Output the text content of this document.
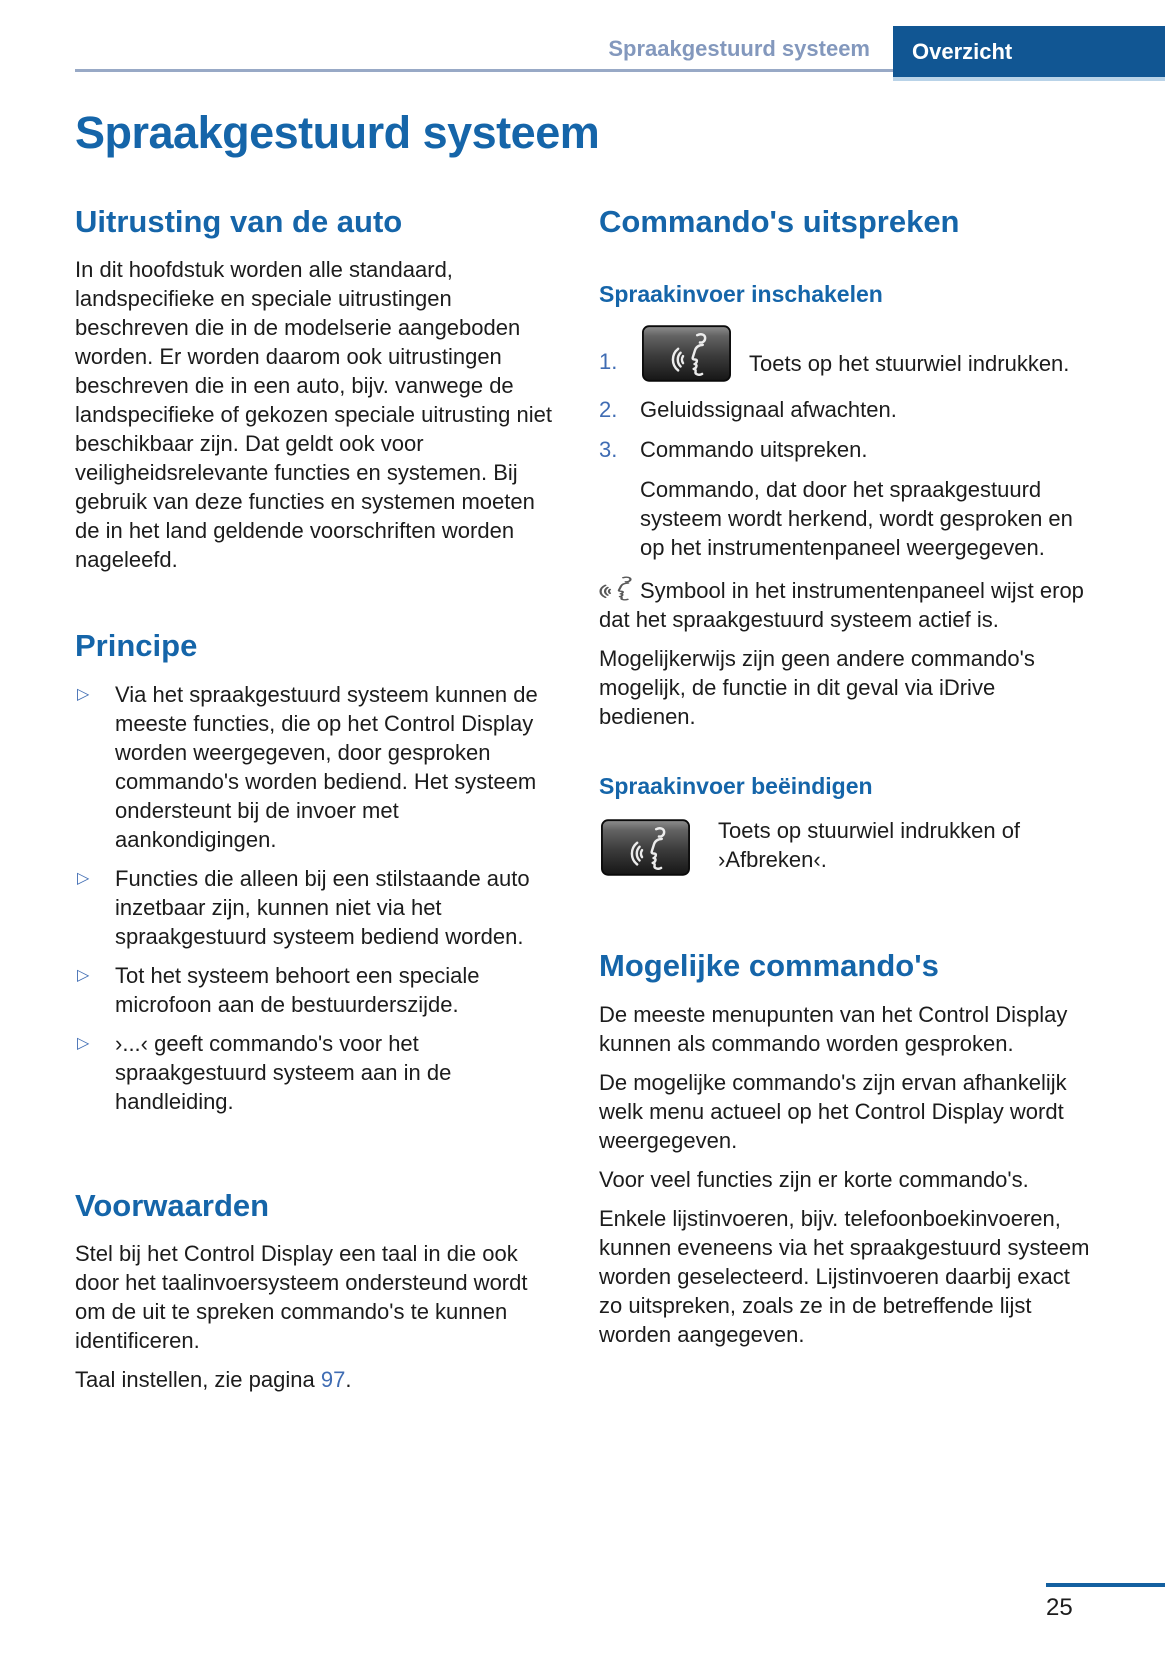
Spraakgestuurd systeem	Overzicht
Spraakgestuurd systeem
Uitrusting van de auto

In dit hoofdstuk worden alle standaard, landspecifieke en speciale uitrustingen beschreven die in de modelserie aangeboden worden. Er worden daarom ook uitrustingen beschreven die in een auto, bijv. vanwege de landspecifieke of gekozen speciale uitrusting niet beschikbaar zijn. Dat geldt ook voor veiligheidsrelevante functies en systemen. Bij gebruik van deze functies en systemen moeten de in het land geldende voorschriften worden nageleefd.

Principe
▷	Via het spraakgestuurd systeem kunnen de meeste functies, die op het Control Display worden weergegeven, door gesproken commando's worden bediend. Het systeem ondersteunt bij de invoer met aankondigingen.

▷	Functies die alleen bij een stilstaande auto inzetbaar zijn, kunnen niet via het spraakgestuurd systeem bediend worden.

▷	Tot het systeem behoort een speciale microfoon aan de bestuurderszijde.

▷	›...‹ geeft commando's voor het spraakgestuurd systeem aan in de handleiding.

Voorwaarden

Stel bij het Control Display een taal in die ook door het taalinvoersysteem ondersteund wordt om de uit te spreken commando's te kunnen identificeren.

Taal instellen, zie pagina 97.

Commando's uitspreken
Spraakinvoer inschakelen
1.	Toets op het stuurwiel indrukken.
2.	Geluidssignaal afwachten.
3.	Commando uitspreken.

Commando, dat door het spraakgestuurd systeem wordt herkend, wordt gesproken en op het instrumentenpaneel weergegeven.

Symbool in het instrumentenpaneel wijst erop dat het spraakgestuurd systeem actief is.

Mogelijkerwijs zijn geen andere commando's mogelijk, de functie in dit geval via iDrive bedienen.

Spraakinvoer beëindigen

Toets op stuurwiel indrukken of ›Afbreken‹.

Mogelijke commando's

De meeste menupunten van het Control Display kunnen als commando worden gesproken.

De mogelijke commando's zijn ervan afhankelijk welk menu actueel op het Control Display wordt weergegeven.

Voor veel functies zijn er korte commando's.

Enkele lijstinvoeren, bijv. telefoonboekinvoeren, kunnen eveneens via het spraakgestuurd systeem worden geselecteerd. Lijstinvoeren daarbij exact zo uitspreken, zoals ze in de betreffende lijst worden aangegeven.

25
